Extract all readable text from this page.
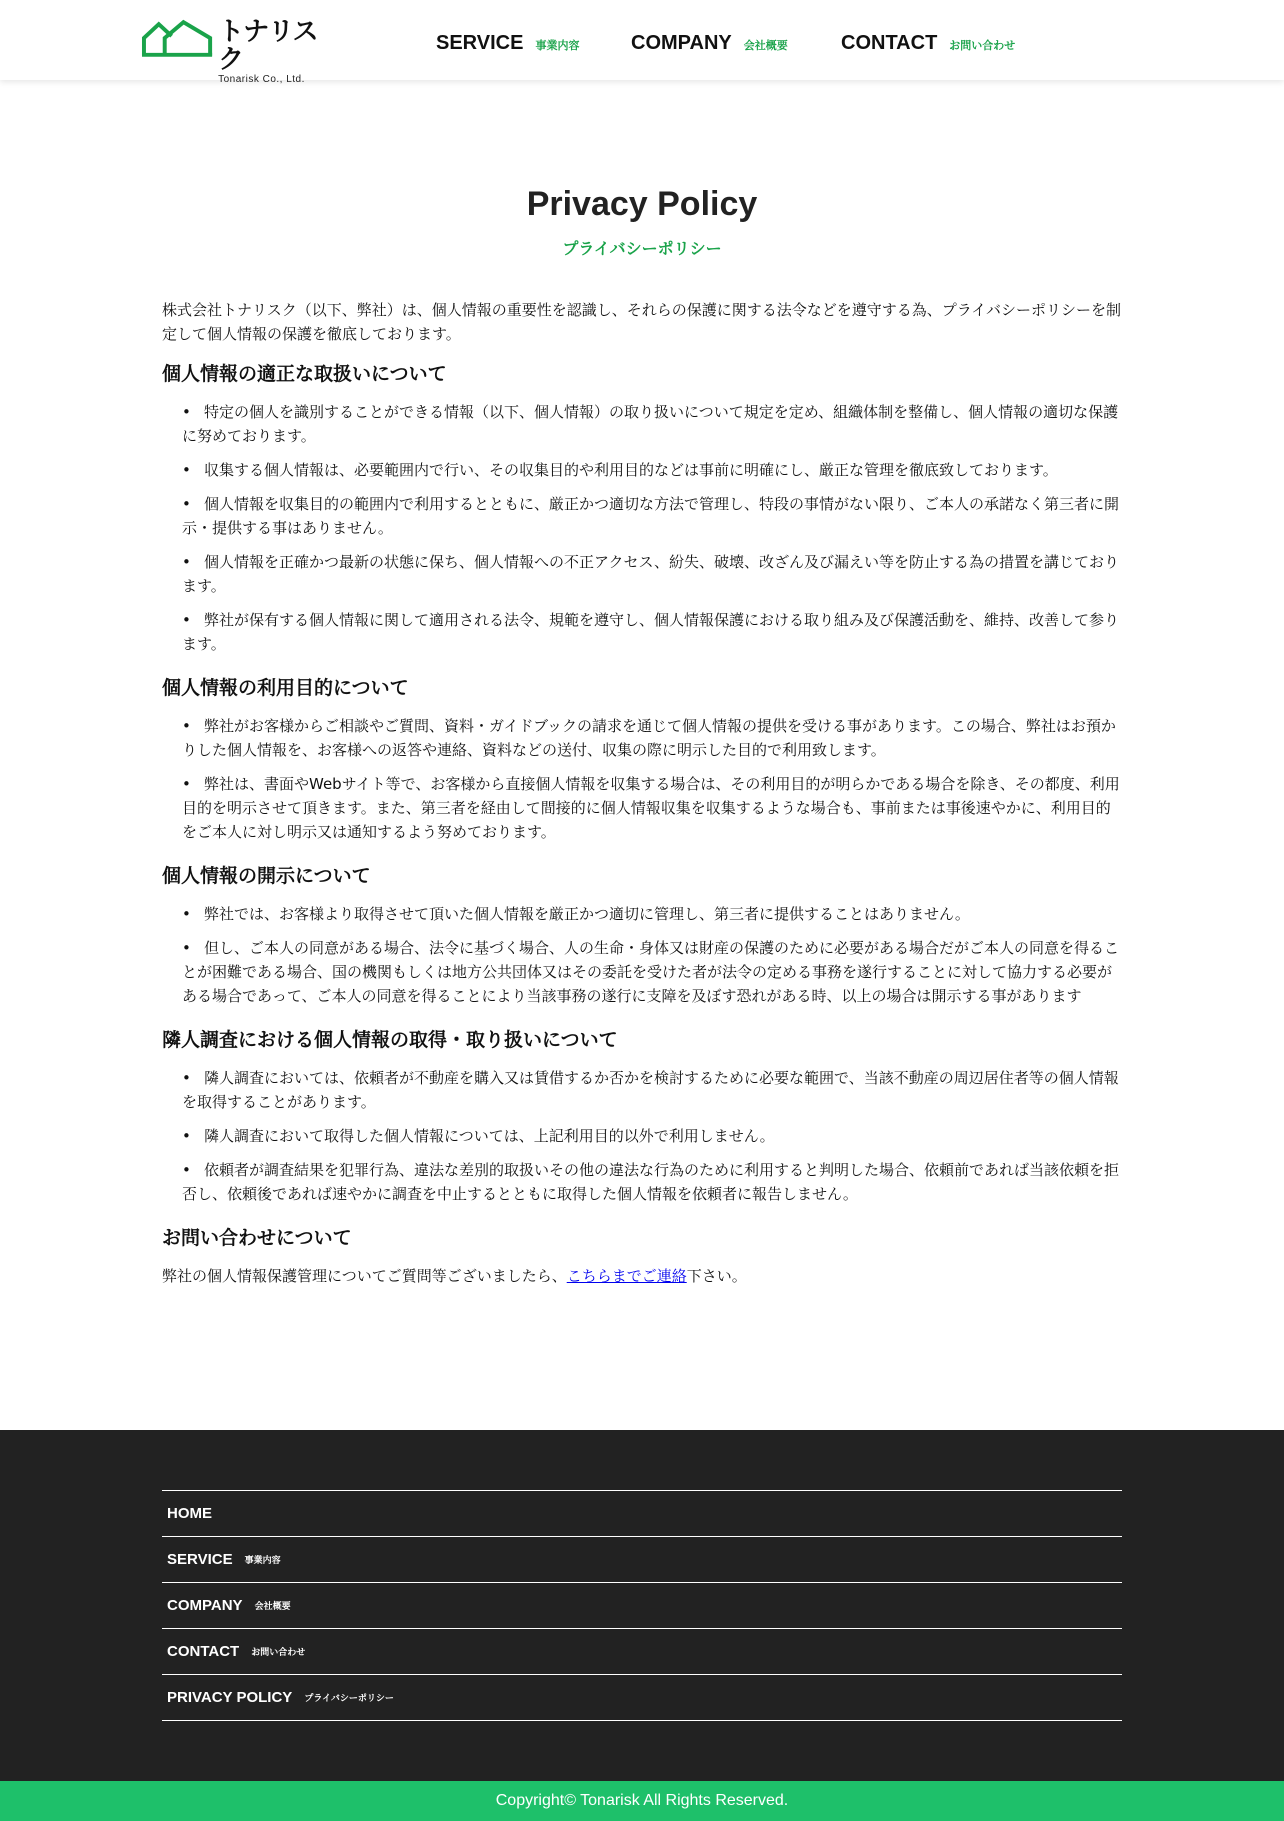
トナリスク
Tonarisk Co., Ltd.
SERVICE 事業内容	COMPANY 会社概要	CONTACT お問い合わせ
Privacy Policy
プライバシーポリシー

株式会社トナリスク（以下、弊社）は、個人情報の重要性を認識し、それらの保護に関する法令などを遵守する為、プライバシーポリシーを制定して個人情報の保護を徹底しております。

個人情報の適正な取扱いについて
• 特定の個人を識別することができる情報（以下、個人情報）の取り扱いについて規定を定め、組織体制を整備し、個人情報の適切な保護に努めております。
• 収集する個人情報は、必要範囲内で行い、その収集目的や利用目的などは事前に明確にし、厳正な管理を徹底致しております。
• 個人情報を収集目的の範囲内で利用するとともに、厳正かつ適切な方法で管理し、特段の事情がない限り、ご本人の承諾なく第三者に開示・提供する事はありません。
• 個人情報を正確かつ最新の状態に保ち、個人情報への不正アクセス、紛失、破壊、改ざん及び漏えい等を防止する為の措置を講じております。
• 弊社が保有する個人情報に関して適用される法令、規範を遵守し、個人情報保護における取り組み及び保護活動を、維持、改善して参ります。
個人情報の利用目的について
• 弊社がお客様からご相談やご質問、資料・ガイドブックの請求を通じて個人情報の提供を受ける事があります。この場合、弊社はお預かりした個人情報を、お客様への返答や連絡、資料などの送付、収集の際に明示した目的で利用致します。
• 弊社は、書面やWebサイト等で、お客様から直接個人情報を収集する場合は、その利用目的が明らかである場合を除き、その都度、利用目的を明示させて頂きます。また、第三者を経由して間接的に個人情報収集を収集するような場合も、事前または事後速やかに、利用目的をご本人に対し明示又は通知するよう努めております。
個人情報の開示について
• 弊社では、お客様より取得させて頂いた個人情報を厳正かつ適切に管理し、第三者に提供することはありません。
• 但し、ご本人の同意がある場合、法令に基づく場合、人の生命・身体又は財産の保護のために必要がある場合だがご本人の同意を得ることが困難である場合、国の機関もしくは地方公共団体又はその委託を受けた者が法令の定める事務を遂行することに対して協力する必要がある場合であって、ご本人の同意を得ることにより当該事務の遂行に支障を及ぼす恐れがある時、以上の場合は開示する事があります
隣人調査における個人情報の取得・取り扱いについて
• 隣人調査においては、依頼者が不動産を購入又は賃借するか否かを検討するために必要な範囲で、当該不動産の周辺居住者等の個人情報を取得することがあります。
• 隣人調査において取得した個人情報については、上記利用目的以外で利用しません。
• 依頼者が調査結果を犯罪行為、違法な差別的取扱いその他の違法な行為のために利用すると判明した場合、依頼前であれば当該依頼を拒否し、依頼後であれば速やかに調査を中止するとともに取得した個人情報を依頼者に報告しません。
お問い合わせについて

弊社の個人情報保護管理についてご質問等ございましたら、こちらまでご連絡下さい。

HOME
SERVICE 事業内容
COMPANY 会社概要
CONTACT お問い合わせ
PRIVACY POLICY プライバシーポリシー
Copyright© Tonarisk All Rights Reserved.
